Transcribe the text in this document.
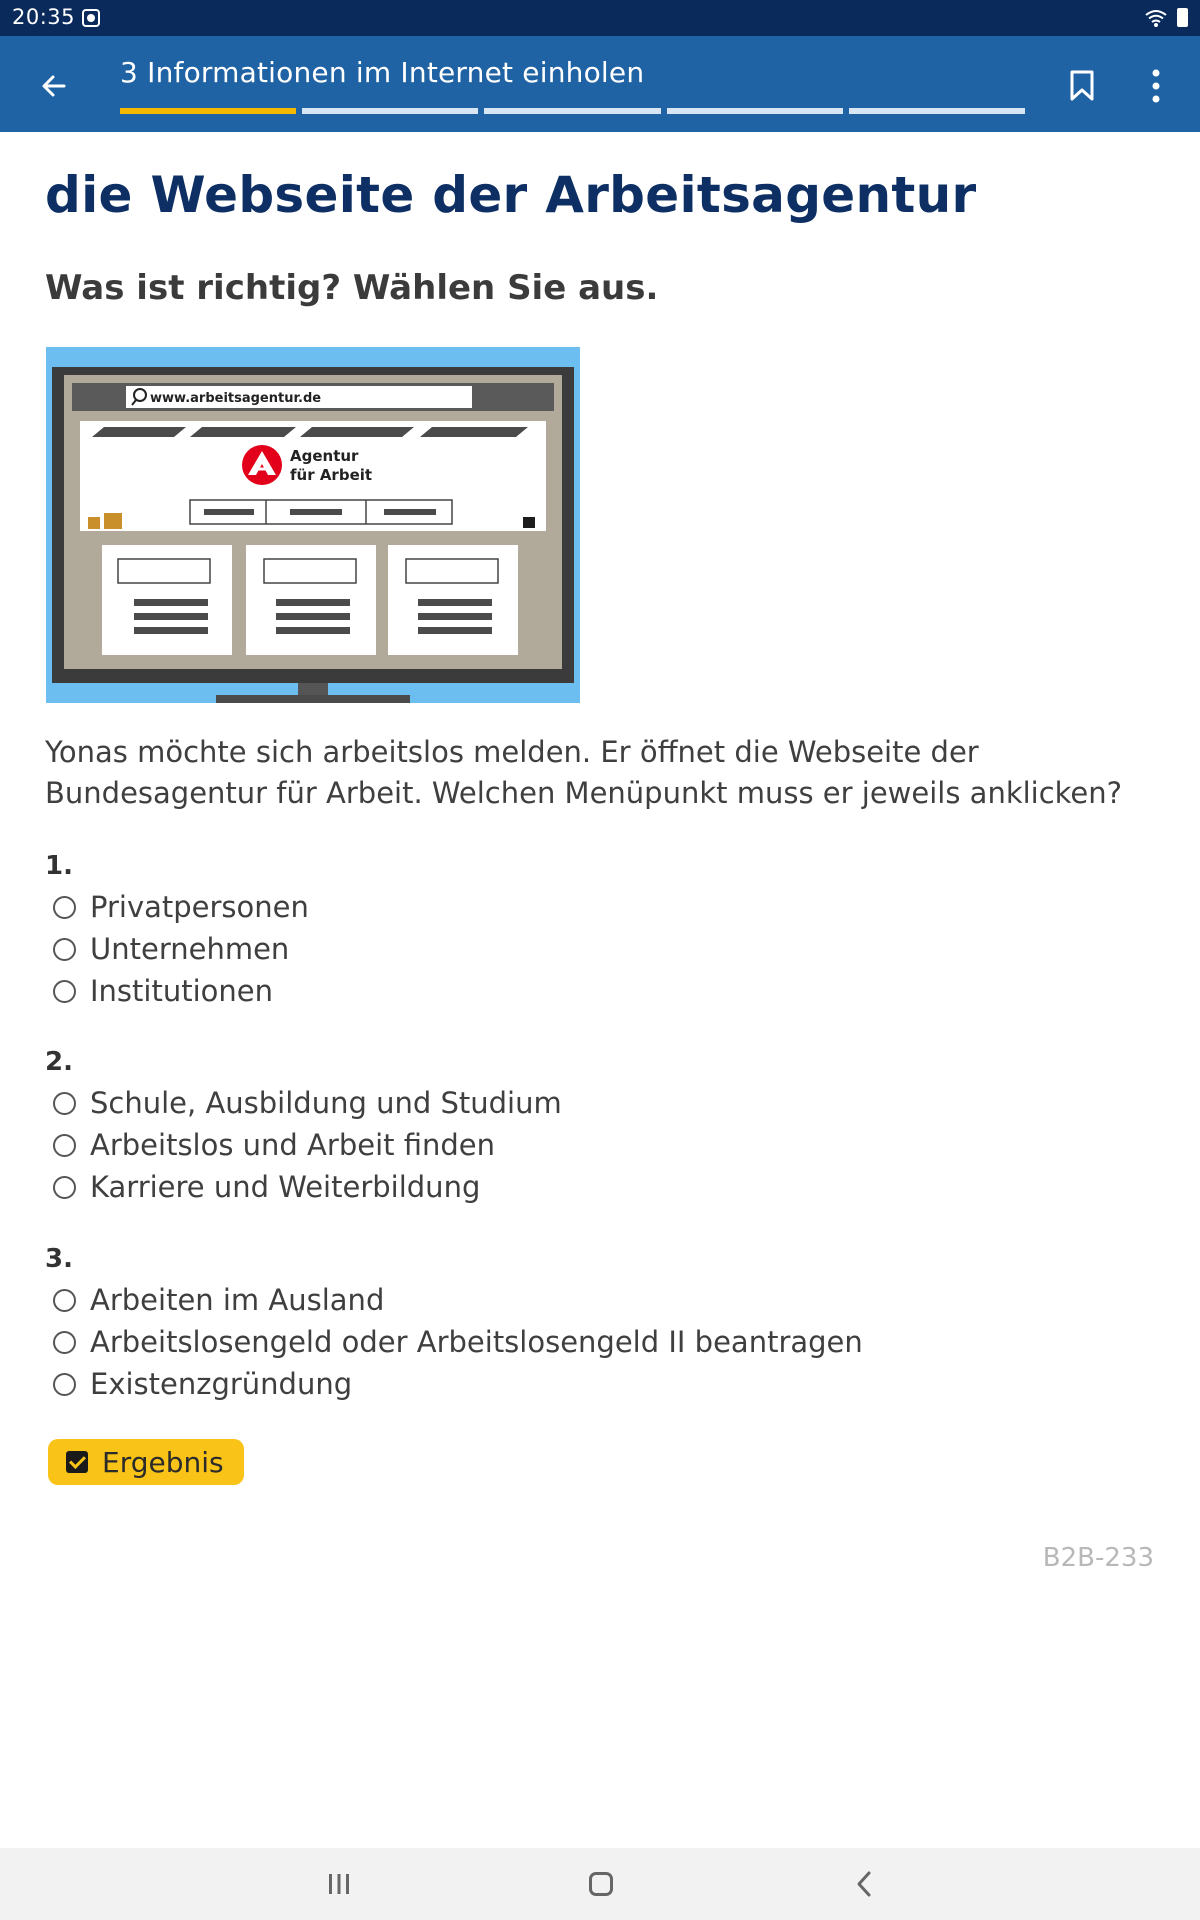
20:35
3 Informationen im Internet einholen
die Webseite der Arbeitsagentur
Was ist richtig? Wählen Sie aus.
www.arbeitsagentur.de
Agentur
für Arbeit

Yonas möchte sich arbeitslos melden. Er öffnet die Webseite der Bundesagentur für Arbeit. Welchen Menüpunkt muss er jeweils anklicken?

1.
Privatpersonen
Unternehmen
Institutionen
2.
Schule, Ausbildung und Studium
Arbeitslos und Arbeit finden
Karriere und Weiterbildung
3.
Arbeiten im Ausland
Arbeitslosengeld oder Arbeitslosengeld II beantragen
Existenzgründung
Ergebnis
B2B-233
